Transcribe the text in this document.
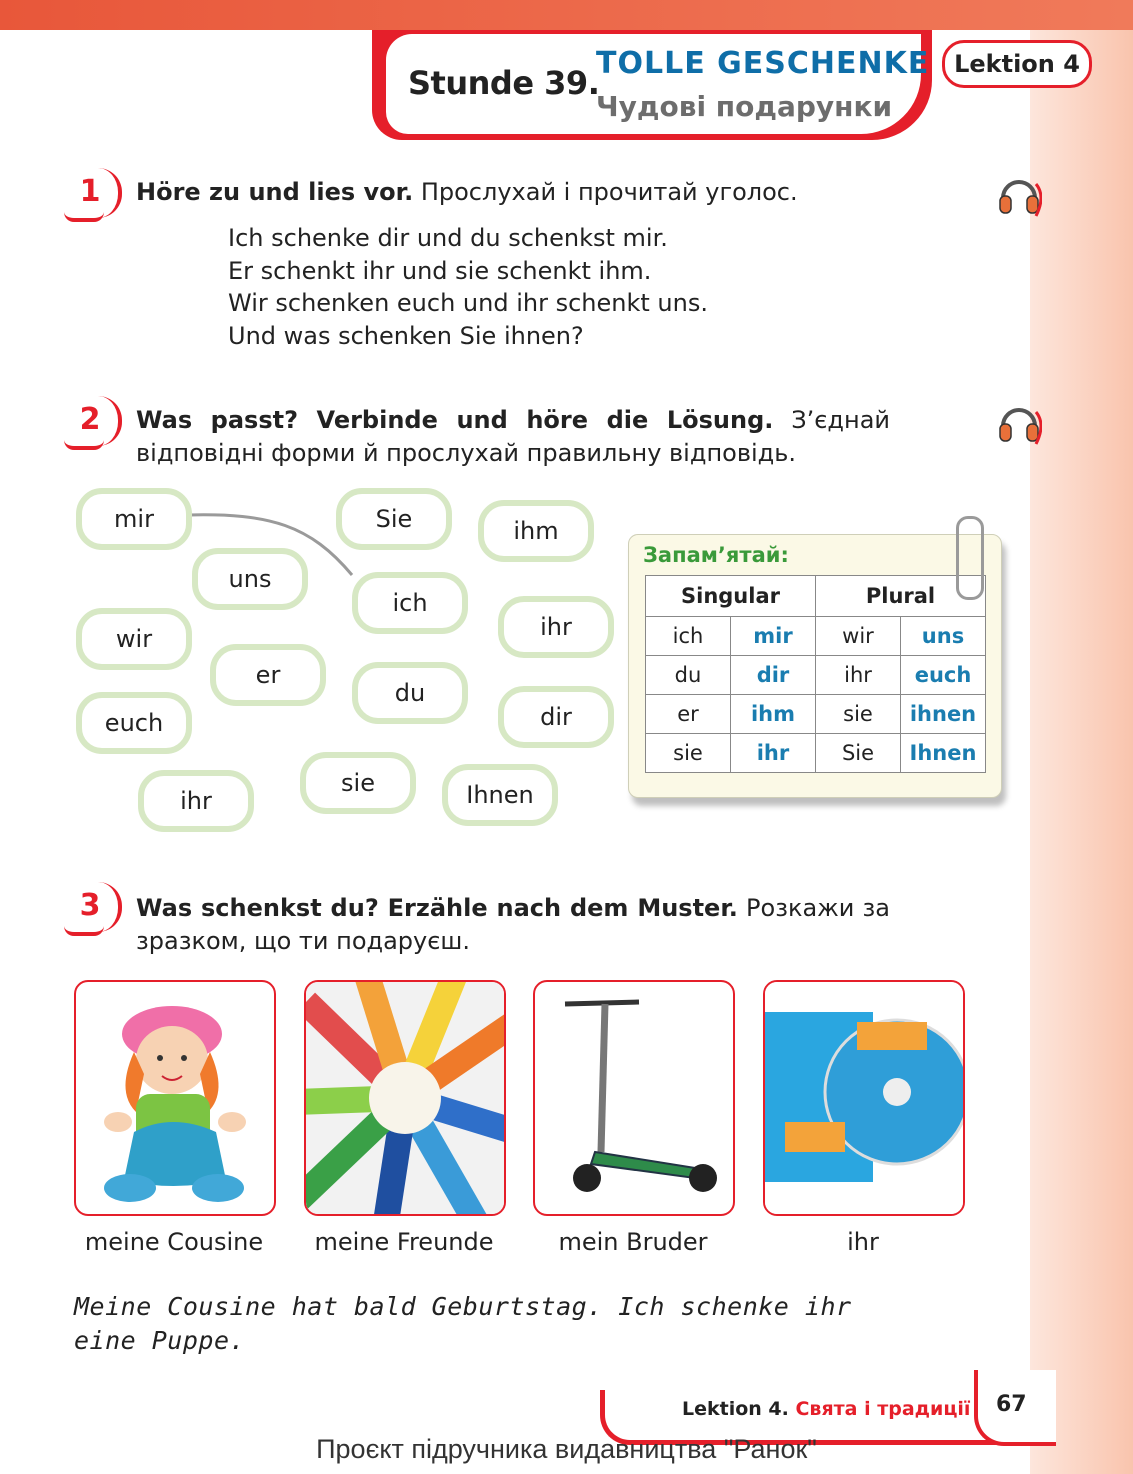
Stunde 39.
TOLLE GESCHENKE
Чудові подарунки
Lektion 4
1	Höre zu und lies vor. Прослухай і прочитай уголос.
Ich schenke dir und du schenkst mir.
Er schenkt ihr und sie schenkt ihm.
Wir schenken euch und ihr schenkt uns.
Und was schenken Sie ihnen?
2	Was passt? Verbinde und höre die Lösung. З’єднай відповідні форми й прослухай правильну відповідь.
mir	Sie	ihm
uns
ich
wir	ihr
er
du
euch	dir
ihr
sie	Ihnen
Запам’ятай:
Singular		Plural	
ich	mir	wir	uns
du	dir	ihr	euch
er	ihm	sie	ihnen
sie	ihr	Sie	Ihnen
3	Was schenkst du? Erzähle nach dem Muster. Розкажи за зразком, що ти подаруєш.
meine Cousine	meine Freunde	mein Bruder	ihr
Meine Cousine hat bald Geburtstag. Ich schenke ihr eine Puppe.
Lektion 4. Свята і традиції 67
Проєкт підручника видавництва "Ранок"
